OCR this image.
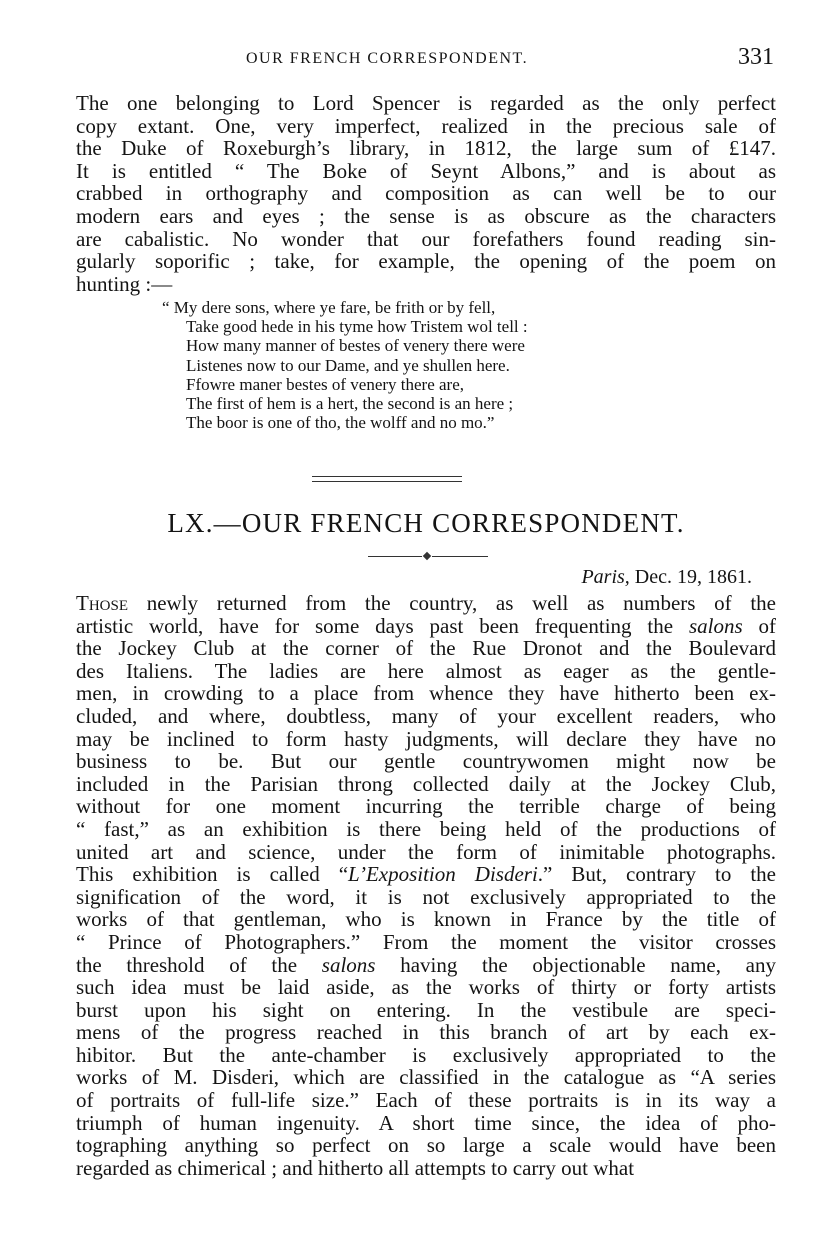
OUR FRENCH CORRESPONDENT.	331
The one belonging to Lord Spencer is regarded as the only perfect
copy extant. One, very imperfect, realized in the precious sale of
the Duke of Roxeburgh’s library, in 1812, the large sum of £147.
It is entitled “ The Boke of Seynt Albons,” and is about as
crabbed in orthography and composition as can well be to our
modern ears and eyes ; the sense is as obscure as the characters
are cabalistic. No wonder that our forefathers found reading sin-
gularly soporific ; take, for example, the opening of the poem on
hunting :—
“ My dere sons, where ye fare, be frith or by fell,
Take good hede in his tyme how Tristem wol tell :
How many manner of bestes of venery there were
Listenes now to our Dame, and ye shullen here.
Ffowre maner bestes of venery there are,
The first of hem is a hert, the second is an here ;
The boor is one of tho, the wolff and no mo.”
LX.—OUR FRENCH CORRESPONDENT.
Paris, Dec. 19, 1861.
Those newly returned from the country, as well as numbers of the
artistic world, have for some days past been frequenting the salons of
the Jockey Club at the corner of the Rue Dronot and the Boulevard
des Italiens. The ladies are here almost as eager as the gentle-
men, in crowding to a place from whence they have hitherto been ex-
cluded, and where, doubtless, many of your excellent readers, who
may be inclined to form hasty judgments, will declare they have no
business to be. But our gentle countrywomen might now be
included in the Parisian throng collected daily at the Jockey Club,
without for one moment incurring the terrible charge of being
“ fast,” as an exhibition is there being held of the productions of
united art and science, under the form of inimitable photographs.
This exhibition is called “L’Exposition Disderi.” But, contrary to the
signification of the word, it is not exclusively appropriated to the
works of that gentleman, who is known in France by the title of
“ Prince of Photographers.” From the moment the visitor crosses
the threshold of the salons having the objectionable name, any
such idea must be laid aside, as the works of thirty or forty artists
burst upon his sight on entering. In the vestibule are speci-
mens of the progress reached in this branch of art by each ex-
hibitor. But the ante-chamber is exclusively appropriated to the
works of M. Disderi, which are classified in the catalogue as “A series
of portraits of full-life size.” Each of these portraits is in its way a
triumph of human ingenuity. A short time since, the idea of pho-
tographing anything so perfect on so large a scale would have been
regarded as chimerical ; and hitherto all attempts to carry out what
